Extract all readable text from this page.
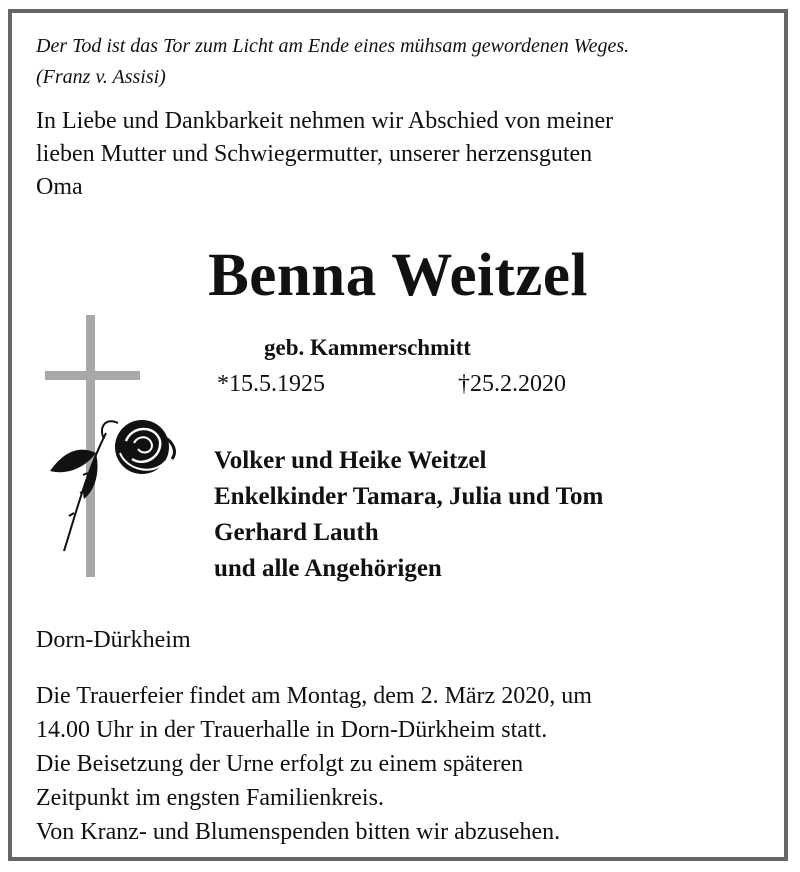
Der Tod ist das Tor zum Licht am Ende eines mühsam gewordenen Weges.
(Franz v. Assisi)
In Liebe und Dankbarkeit nehmen wir Abschied von meiner
lieben Mutter und Schwiegermutter, unserer herzensguten
Oma
Benna Weitzel
geb. Kammerschmitt
*15.5.1925	†25.2.2020
Volker und Heike Weitzel
Enkelkinder Tamara, Julia und Tom
Gerhard Lauth
und alle Angehörigen
Dorn-Dürkheim
Die Trauerfeier findet am Montag, dem 2. März 2020, um
14.00 Uhr in der Trauerhalle in Dorn-Dürkheim statt.
Die Beisetzung der Urne erfolgt zu einem späteren
Zeitpunkt im engsten Familienkreis.
Von Kranz- und Blumenspenden bitten wir abzusehen.
